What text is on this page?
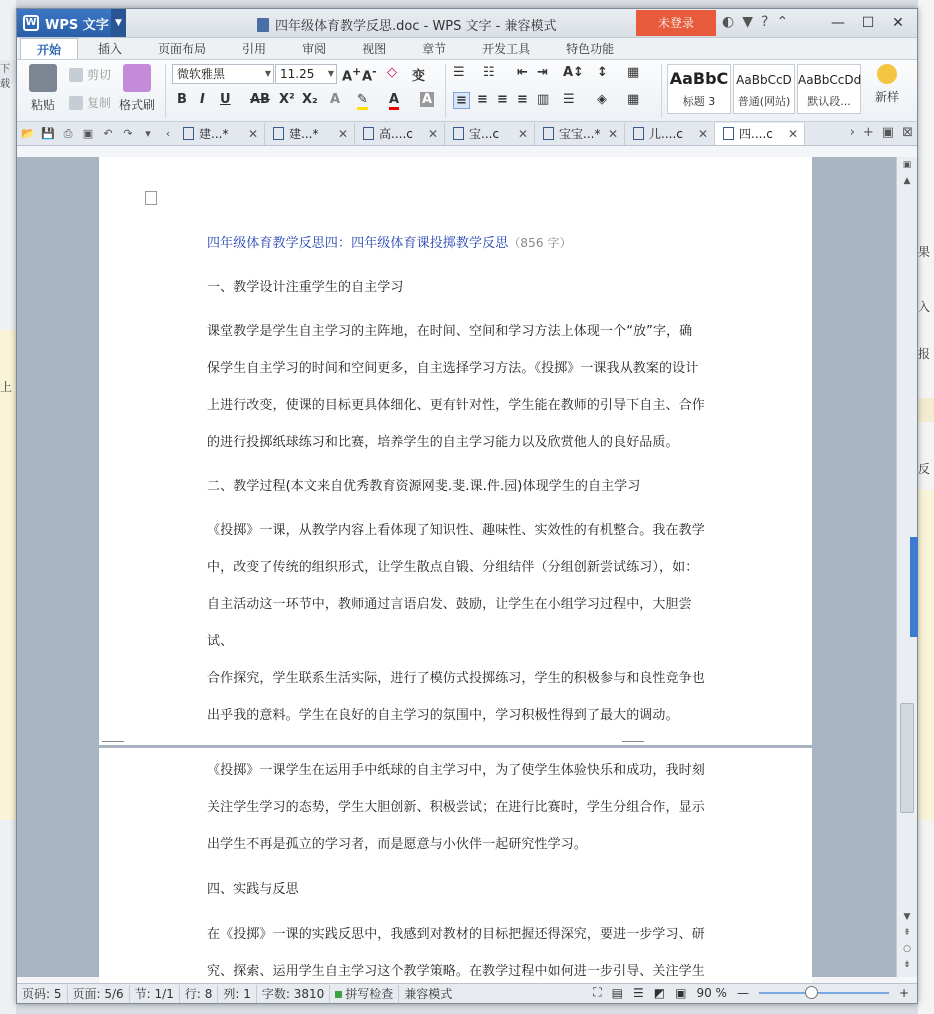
下载
上
果
入
报
反
W WPS 文字 ▼	四年级体育教学反思.doc - WPS 文字 - 兼容模式	未登录	◐ ▼ ? ⌃	—	☐	✕
开始	插入	页面布局	引用	审阅	视图	章节	开发工具	特色功能
粘贴
剪切
复制 格式刷
微软雅黑	▼ 11.25 ▼ A+ A- ◇ 变
B I U AB X² X₂ A ✎ A A
☰ ☷ ⇤ ⇥ A↕ ↕ ▦
≡ ≡ ≡ ≡ ▥ ☰ ◈ ▦
AaBbC
标题 3
AaBbCcD
普通(网站)
AaBbCcDd
默认段...	新样
📂 💾 ⎙ ▣ ↶ ↷	▾	‹	建...* ✕	建...* ✕	高....c ✕	宝...c ✕	宝宝...* ✕	儿....c ✕	四....c ✕	› + ▣ ⊠
四年级体育教学反思四：四年级体育课投掷教学反思（856 字）
一、教学设计注重学生的自主学习
课堂教学是学生自主学习的主阵地，在时间、空间和学习方法上体现一个“放”字，确
保学生自主学习的时间和空间更多，自主选择学习方法。《投掷》一课我从教案的设计
上进行改变，使课的目标更具体细化、更有针对性，学生能在教师的引导下自主、合作
的进行投掷纸球练习和比赛，培养学生的自主学习能力以及欣赏他人的良好品质。
二、教学过程(本文来自优秀教育资源网斐.斐.课.件.园)体现学生的自主学习
《投掷》一课，从教学内容上看体现了知识性、趣味性、实效性的有机整合。我在教学
中，改变了传统的组织形式，让学生散点自锻、分组结伴（分组创新尝试练习），如：
自主活动这一环节中，教师通过言语启发、鼓励，让学生在小组学习过程中，大胆尝试、
合作探究，学生联系生活实际，进行了模仿式投掷练习，学生的积极参与和良性竞争也
出乎我的意料。学生在良好的自主学习的氛围中，学习积极性得到了最大的调动。
《投掷》一课学生在运用手中纸球的自主学习中，为了使学生体验快乐和成功，我时刻
关注学生学习的态势，学生大胆创新、积极尝试；在进行比赛时，学生分组合作，显示
出学生不再是孤立的学习者，而是愿意与小伙伴一起研究性学习。
四、实践与反思
在《投掷》一课的实践反思中，我感到对教材的目标把握还得深究，要进一步学习、研
究、探索、运用学生自主学习这个教学策略。在教学过程中如何进一步引导、关注学生
▣
▲
▼
⇞
○
⇟
页码: 5 页面: 5/6 节: 1/1 行: 8 列: 1 字数: 3810	拼写检查 兼容模式	⛶ ▤ ☰ ◩ ▣ 90 % —	+
